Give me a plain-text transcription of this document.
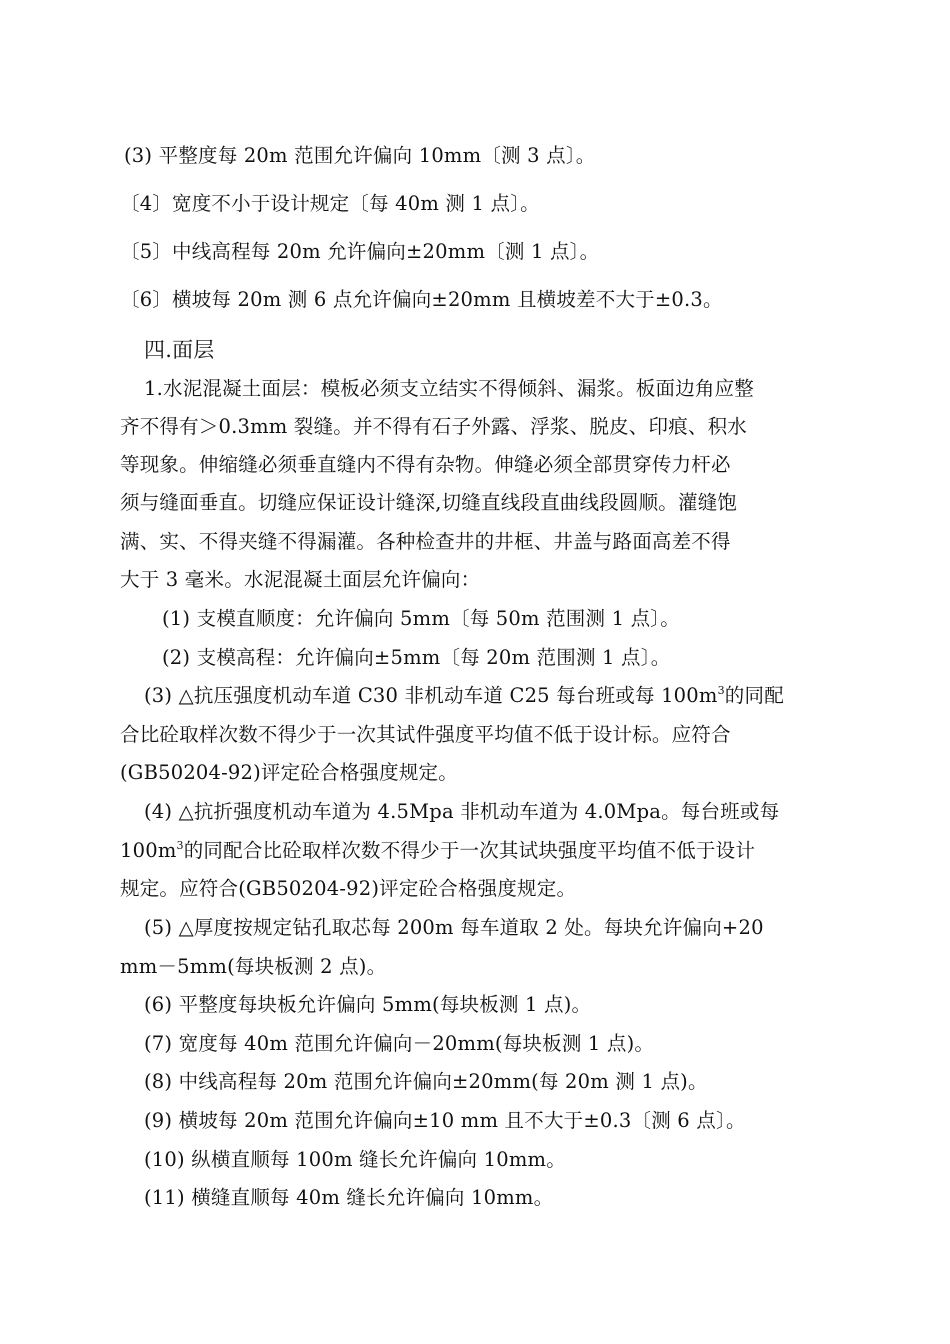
(3) 平整度每 20m 范围允许偏向 10mm〔测 3 点〕。
〔4〕宽度不小于设计规定〔每 40m 测 1 点〕。
〔5〕中线高程每 20m 允许偏向±20mm〔测 1 点〕。
〔6〕横坡每 20m 测 6 点允许偏向±20mm 且横坡差不大于±0.3。
四.面层
1.水泥混凝土面层：模板必须支立结实不得倾斜、漏浆。板面边角应整
齐不得有＞0.3mm 裂缝。并不得有石子外露、浮浆、脱皮、印痕、积水
等现象。伸缩缝必须垂直缝内不得有杂物。伸缝必须全部贯穿传力杆必
须与缝面垂直。切缝应保证设计缝深,切缝直线段直曲线段圆顺。灌缝饱
满、实、不得夹缝不得漏灌。各种检查井的井框、井盖与路面高差不得
大于 3 毫米。水泥混凝土面层允许偏向：
(1) 支模直顺度：允许偏向 5mm〔每 50m 范围测 1 点〕。
(2) 支模高程：允许偏向±5mm〔每 20m 范围测 1 点〕。
(3) △抗压强度机动车道 C30 非机动车道 C25 每台班或每 $100m^3$的同配
合比砼取样次数不得少于一次其试件强度平均值不低于设计标。应符合
(GB50204-92)评定砼合格强度规定。
(4) △抗折强度机动车道为 4.5Mpa 非机动车道为 4.0Mpa。每台班或每
$100m^3$的同配合比砼取样次数不得少于一次其试块强度平均值不低于设计
规定。应符合(GB50204-92)评定砼合格强度规定。
(5) △厚度按规定钻孔取芯每 200m 每车道取 2 处。每块允许偏向+20
mm－5mm(每块板测 2 点)。
(6) 平整度每块板允许偏向 5mm(每块板测 1 点)。
(7) 宽度每 40m 范围允许偏向－20mm(每块板测 1 点)。
(8) 中线高程每 20m 范围允许偏向±20mm(每 20m 测 1 点)。
(9) 横坡每 20m 范围允许偏向±10 mm 且不大于±0.3〔测 6 点〕。
(10) 纵横直顺每 100m 缝长允许偏向 10mm。
(11) 横缝直顺每 40m 缝长允许偏向 10mm。
